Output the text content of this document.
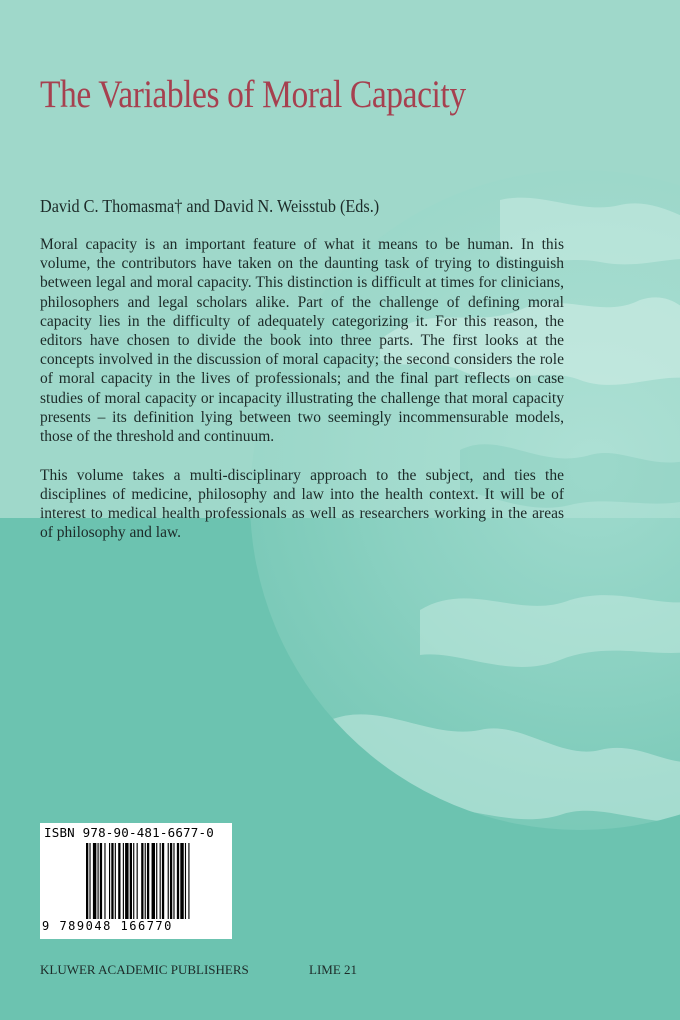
The Variables of Moral Capacity
David C. Thomasma† and David N. Weisstub (Eds.)

Moral capacity is an important feature of what it means to be human. In this volume, the contributors have taken on the daunting task of trying to distinguish between legal and moral capacity. This distinction is difficult at times for clinicians, philosophers and legal scholars alike. Part of the challenge of defining moral capacity lies in the difficulty of adequately categorizing it. For this reason, the editors have chosen to divide the book into three parts. The first looks at the concepts involved in the discussion of moral capacity; the second considers the role of moral capacity in the lives of professionals; and the final part reflects on case studies of moral capacity or incapacity illustrating the challenge that moral capacity presents – its definition lying between two seemingly incommensurable models, those of the threshold and continuum.

This volume takes a multi-disciplinary approach to the subject, and ties the disciplines of medicine, philosophy and law into the health context. It will be of interest to medical health professionals as well as researchers working in the areas of philosophy and law.

ISBN 978-90-481-6677-0
9 789048 166770
KLUWER ACADEMIC PUBLISHERS	LIME 21
